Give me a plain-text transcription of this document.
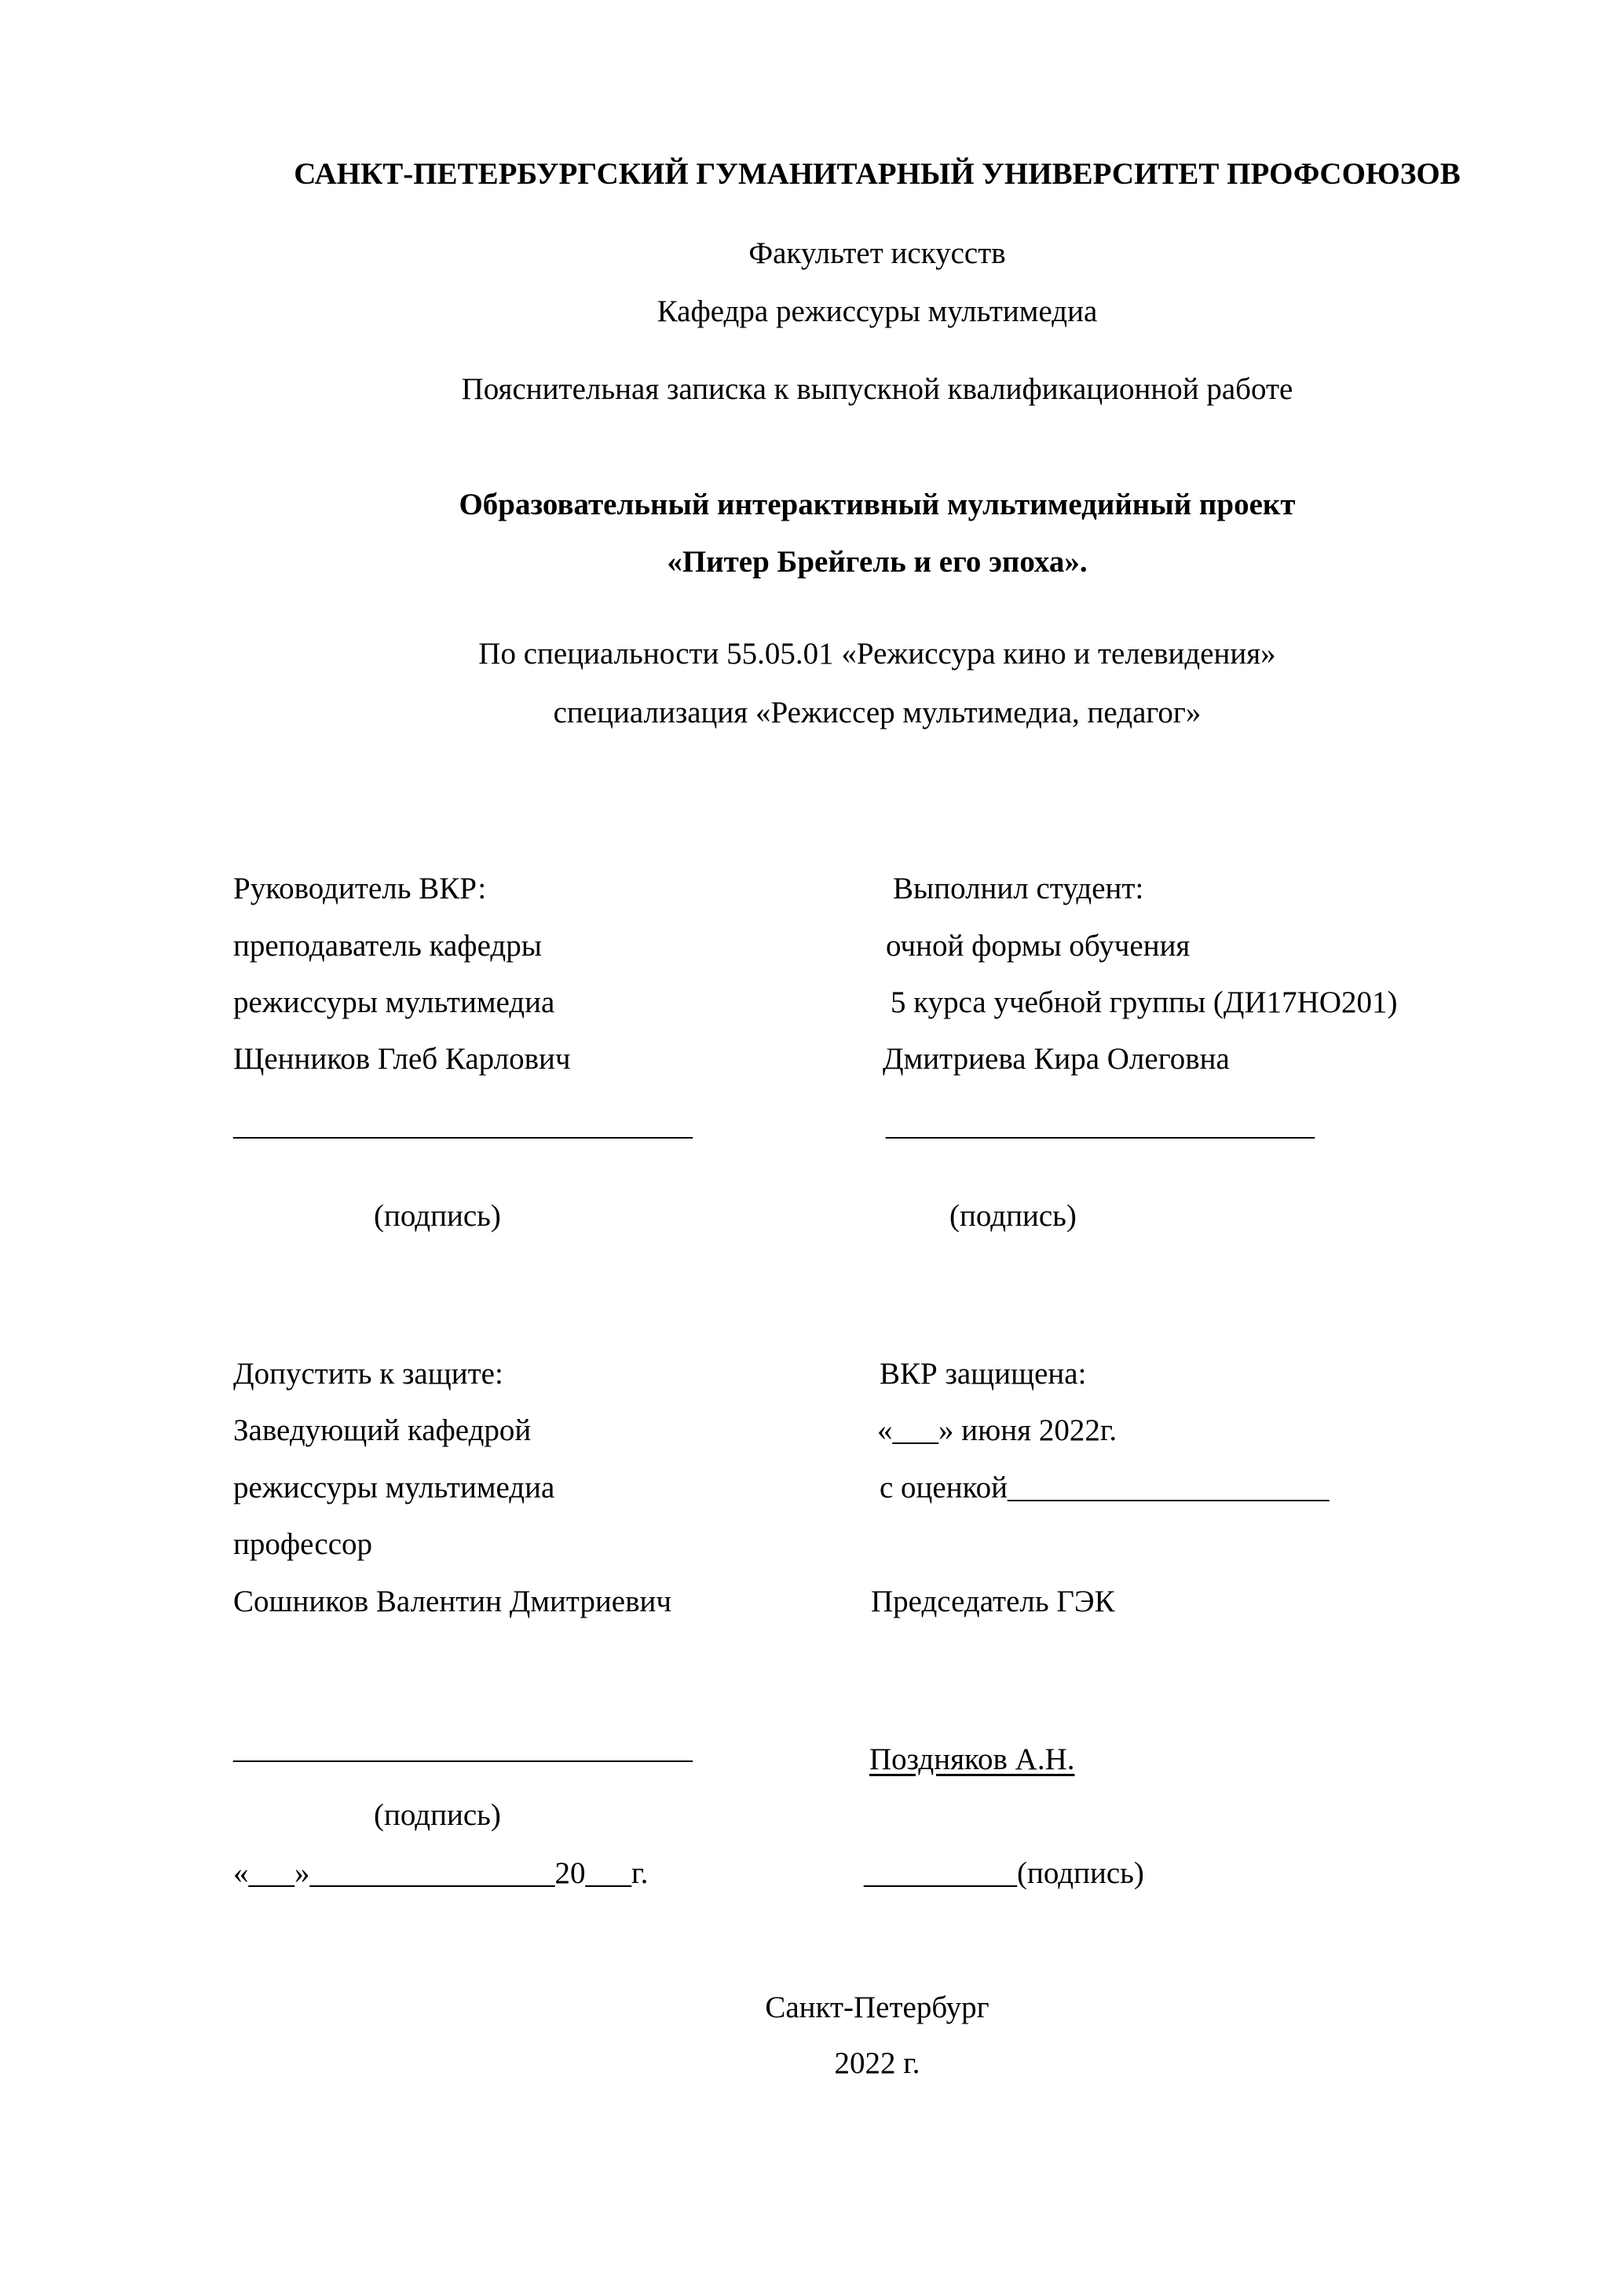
САНКТ-ПЕТЕРБУРГСКИЙ ГУМАНИТАРНЫЙ УНИВЕРСИТЕТ ПРОФСОЮЗОВ
Факультет искусств
Кафедра режиссуры мультимедиа
Пояснительная записка к выпускной квалификационной работе
Образовательный интерактивный мультимедийный проект
«Питер Брейгель и его эпоха».
По специальности 55.05.01 «Режиссура кино и телевидения»
специализация «Режиссер мультимедиа, педагог»
Руководитель ВКР:
преподаватель кафедры
режиссуры мультимедиа
Щенников Глеб Карлович
______________________________
(подпись)
Выполнил студент:
очной формы обучения
5 курса учебной группы (ДИ17НО201)
Дмитриева Кира Олеговна
____________________________
(подпись)
Допустить к защите:
Заведующий кафедрой
режиссуры мультимедиа
профессор
Сошников Валентин Дмитриевич
______________________________
(подпись)
«___»________________20___г.
ВКР защищена:
«___» июня 2022г.
с оценкой_____________________
Председатель ГЭК
Поздняков А.Н.
__________(подпись)
Санкт-Петербург
2022 г.
